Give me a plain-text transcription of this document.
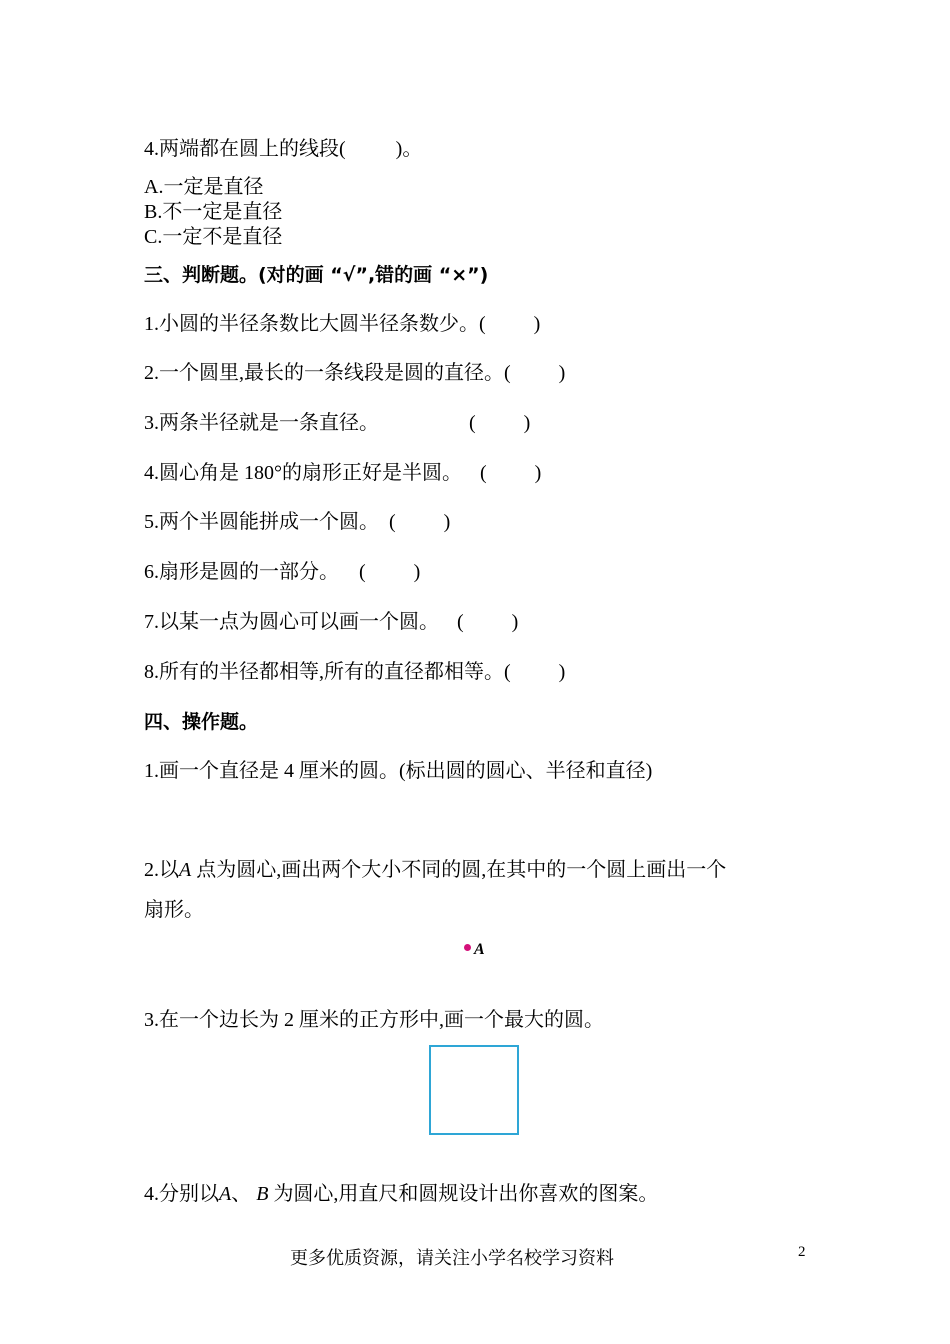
4.两端都在圆上的线段(	)。
A.一定是直径
B.不一定是直径
C.一定不是直径
三、判断题。(对的画 “√”,错的画 “×”)
1.小圆的半径条数比大圆半径条数少。( )
2.一个圆里,最长的一条线段是圆的直径。( )
3.两条半径就是一条直径。	( )
4.圆心角是 180°的扇形正好是半圆。 ( )
5.两个半圆能拼成一个圆。 ( )
6.扇形是圆的一部分。 ( )
7.以某一点为圆心可以画一个圆。 ( )
8.所有的半径都相等,所有的直径都相等。( )
四、操作题。
1.画一个直径是 4 厘米的圆。(标出圆的圆心、半径和直径)
2.以A 点为圆心,画出两个大小不同的圆,在其中的一个圆上画出一个
扇形。
A
3.在一个边长为 2 厘米的正方形中,画一个最大的圆。
4.分别以A、 B 为圆心,用直尺和圆规设计出你喜欢的图案。
更多优质资源，请关注小学名校学习资料	2
